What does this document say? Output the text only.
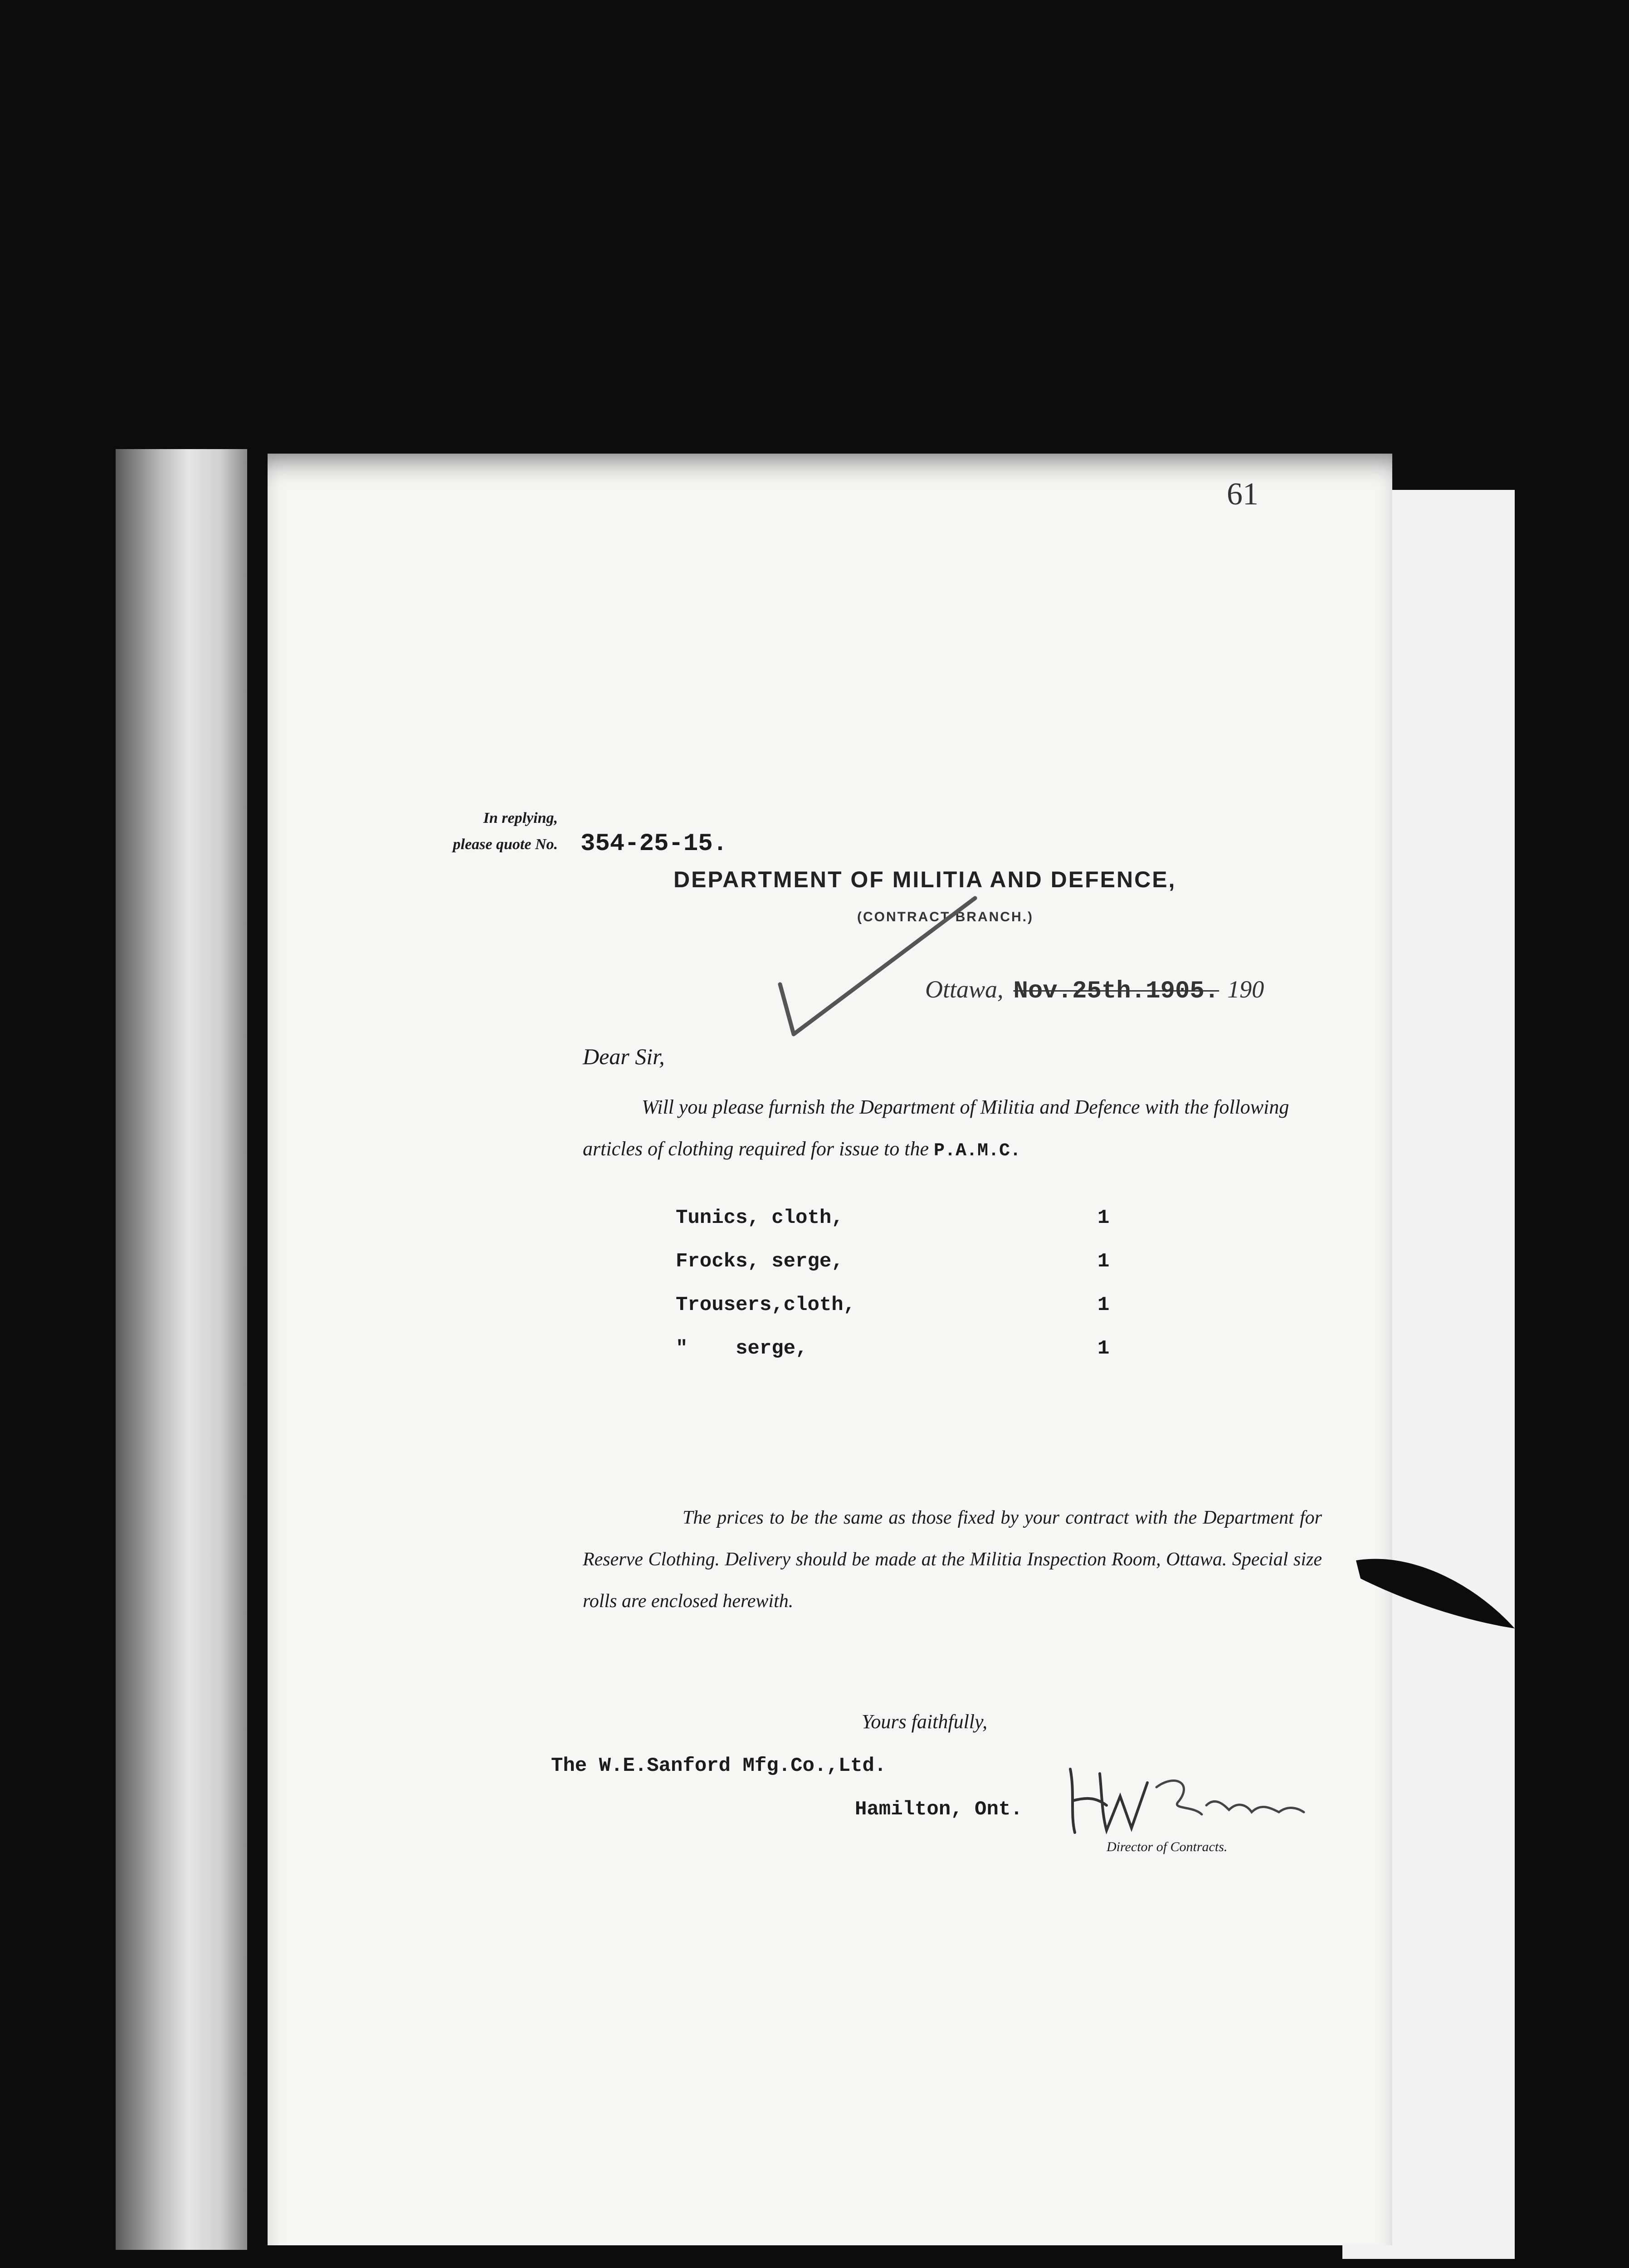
61
In replying,
please quote No. 354-25-15.
DEPARTMENT OF MILITIA AND DEFENCE,
(CONTRACT BRANCH.)
Ottawa, Nov.25th.1905. 190
Dear Sir,
Will you please furnish the Department of Militia and Defence with the following articles of clothing required for issue to the P.A.M.C.
Tunics, cloth,	1
Frocks, serge,	1
Trousers,cloth,	1
"    serge,	1
The prices to be the same as those fixed by your contract with the Department for Reserve Clothing. Delivery should be made at the Militia Inspection Room, Ottawa. Special size rolls are enclosed herewith.
Yours faithfully,
The W.E.Sanford Mfg.Co.,Ltd.
Hamilton, Ont.
Director of Contracts.
